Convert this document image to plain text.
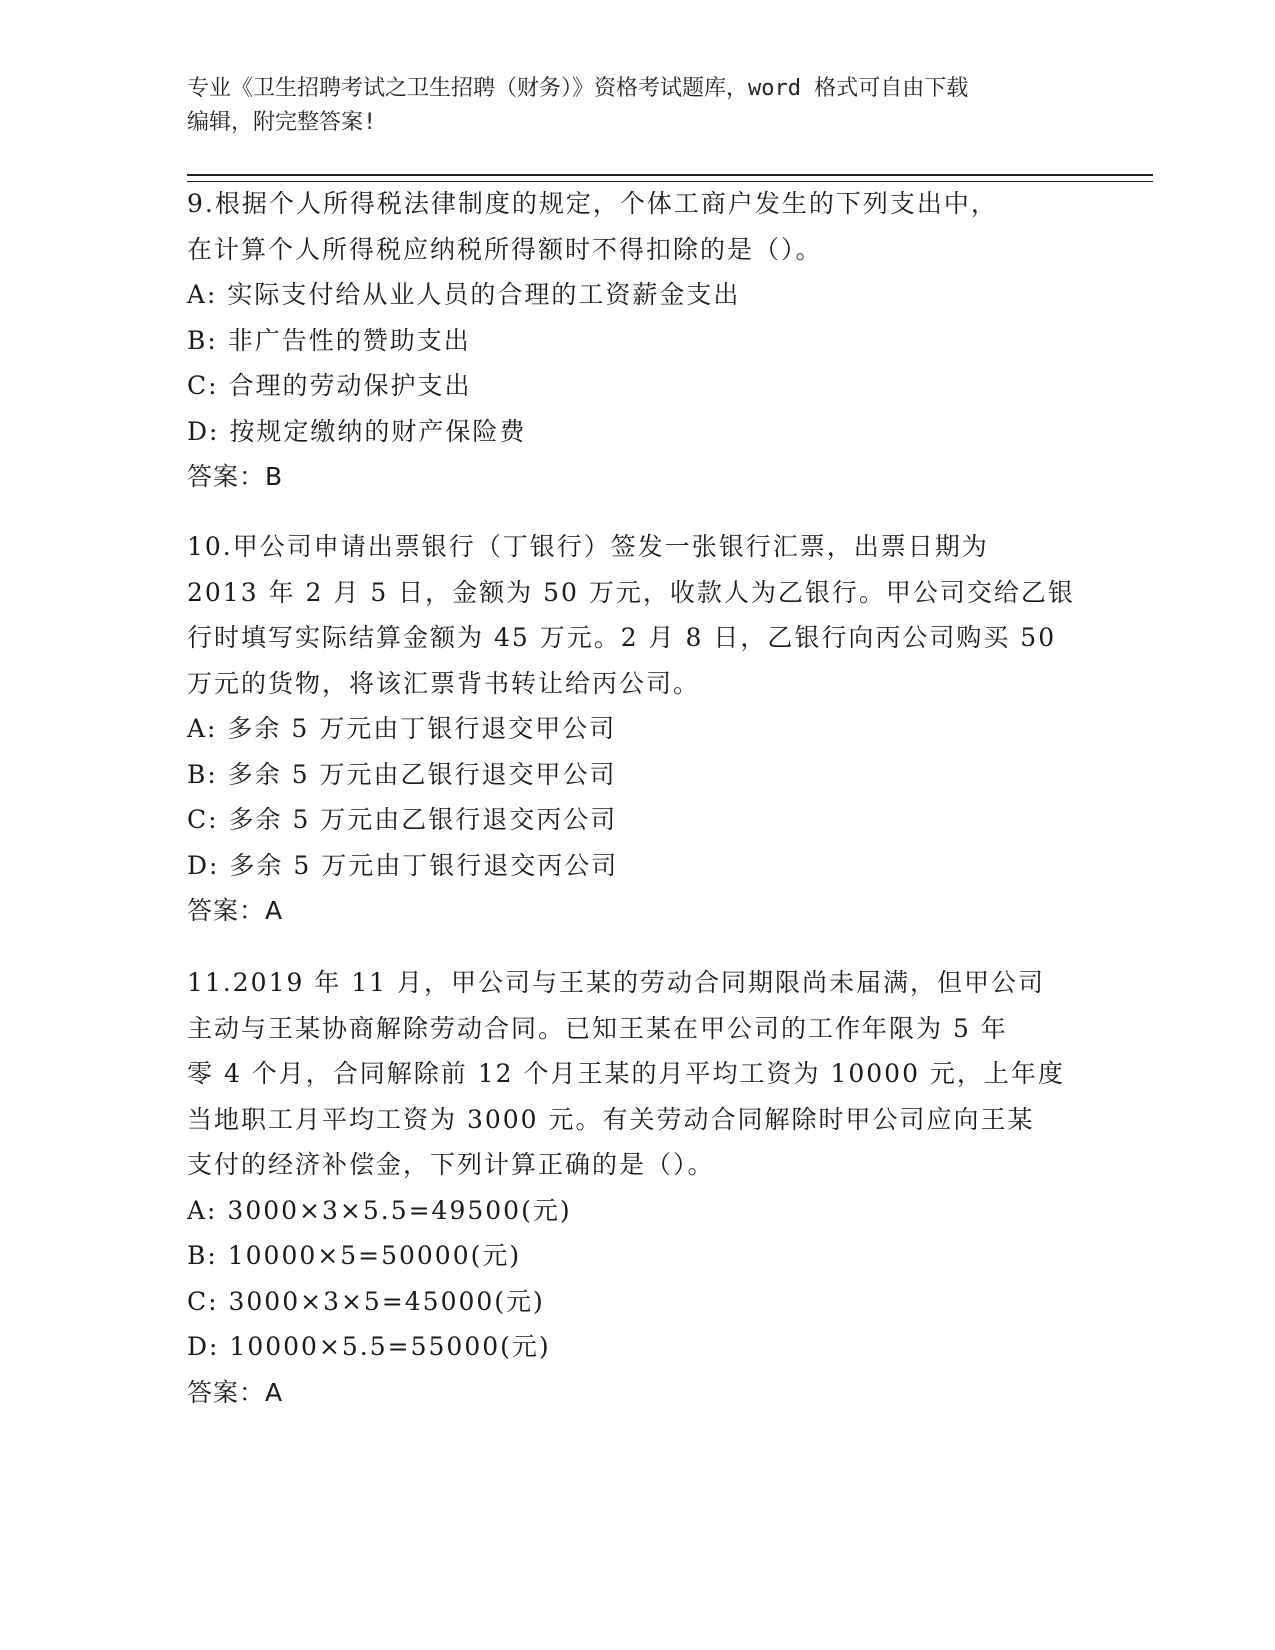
专业《卫生招聘考试之卫生招聘（财务）》资格考试题库，word 格式可自由下载
编辑，附完整答案!

9.根据个人所得税法律制度的规定，个体工商户发生的下列支出中，

在计算个人所得税应纳税所得额时不得扣除的是（）。

A: 实际支付给从业人员的合理的工资薪金支出

B: 非广告性的赞助支出

C: 合理的劳动保护支出

D: 按规定缴纳的财产保险费

答案：B

10.甲公司申请出票银行（丁银行）签发一张银行汇票，出票日期为

2013 年 2 月 5 日，金额为 50 万元，收款人为乙银行。甲公司交给乙银

行时填写实际结算金额为 45 万元。2 月 8 日，乙银行向丙公司购买 50

万元的货物，将该汇票背书转让给丙公司。

A: 多余 5 万元由丁银行退交甲公司

B: 多余 5 万元由乙银行退交甲公司

C: 多余 5 万元由乙银行退交丙公司

D: 多余 5 万元由丁银行退交丙公司

答案：A

11.2019 年 11 月，甲公司与王某的劳动合同期限尚未届满，但甲公司

主动与王某协商解除劳动合同。已知王某在甲公司的工作年限为 5 年

零 4 个月，合同解除前 12 个月王某的月平均工资为 10000 元，上年度

当地职工月平均工资为 3000 元。有关劳动合同解除时甲公司应向王某

支付的经济补偿金，下列计算正确的是（）。

A: 3000×3×5.5=49500(元)

B: 10000×5=50000(元)

C: 3000×3×5=45000(元)

D: 10000×5.5=55000(元)

答案：A
